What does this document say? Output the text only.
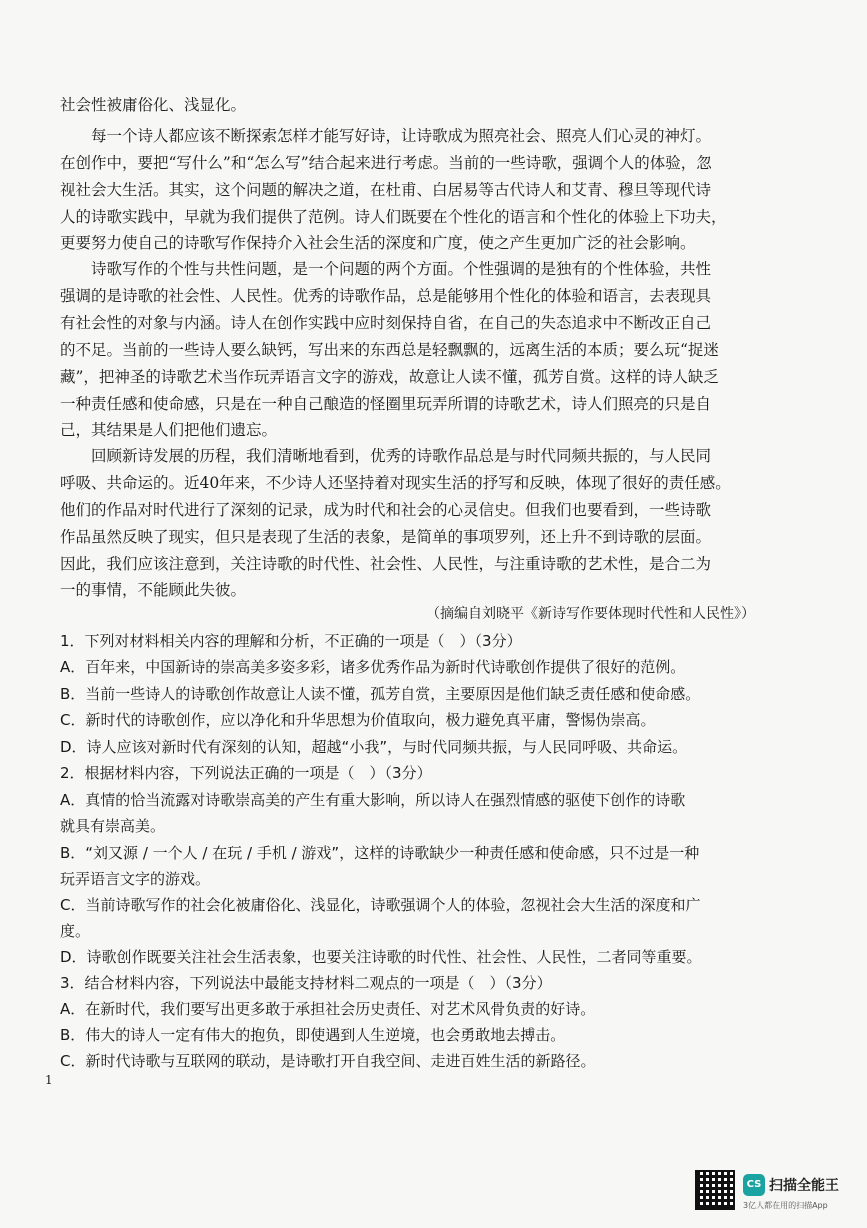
社会性被庸俗化、浅显化。
每一个诗人都应该不断探索怎样才能写好诗，让诗歌成为照亮社会、照亮人们心灵的神灯。
在创作中，要把“写什么”和“怎么写”结合起来进行考虑。当前的一些诗歌，强调个人的体验，忽
视社会大生活。其实，这个问题的解决之道，在杜甫、白居易等古代诗人和艾青、穆旦等现代诗
人的诗歌实践中，早就为我们提供了范例。诗人们既要在个性化的语言和个性化的体验上下功夫，
更要努力使自己的诗歌写作保持介入社会生活的深度和广度，使之产生更加广泛的社会影响。
诗歌写作的个性与共性问题，是一个问题的两个方面。个性强调的是独有的个性体验，共性
强调的是诗歌的社会性、人民性。优秀的诗歌作品，总是能够用个性化的体验和语言，去表现具
有社会性的对象与内涵。诗人在创作实践中应时刻保持自省，在自己的失态追求中不断改正自己
的不足。当前的一些诗人要么缺钙，写出来的东西总是轻飘飘的，远离生活的本质；要么玩“捉迷
藏”，把神圣的诗歌艺术当作玩弄语言文字的游戏，故意让人读不懂，孤芳自赏。这样的诗人缺乏
一种责任感和使命感，只是在一种自己酿造的怪圈里玩弄所谓的诗歌艺术，诗人们照亮的只是自
己，其结果是人们把他们遗忘。
回顾新诗发展的历程，我们清晰地看到，优秀的诗歌作品总是与时代同频共振的，与人民同
呼吸、共命运的。近40年来，不少诗人还坚持着对现实生活的抒写和反映，体现了很好的责任感。
他们的作品对时代进行了深刻的记录，成为时代和社会的心灵信史。但我们也要看到，一些诗歌
作品虽然反映了现实，但只是表现了生活的表象，是简单的事项罗列，还上升不到诗歌的层面。
因此，我们应该注意到，关注诗歌的时代性、社会性、人民性，与注重诗歌的艺术性，是合二为
一的事情，不能顾此失彼。
（摘编自刘晓平《新诗写作要体现时代性和人民性》）
1．下列对材料相关内容的理解和分析，不正确的一项是（　）（3分）
A．百年来，中国新诗的崇高美多姿多彩，诸多优秀作品为新时代诗歌创作提供了很好的范例。
B．当前一些诗人的诗歌创作故意让人读不懂，孤芳自赏，主要原因是他们缺乏责任感和使命感。
C．新时代的诗歌创作，应以净化和升华思想为价值取向，极力避免真平庸，警惕伪崇高。
D．诗人应该对新时代有深刻的认知，超越“小我”，与时代同频共振，与人民同呼吸、共命运。
2．根据材料内容，下列说法正确的一项是（　）（3分）
A．真情的恰当流露对诗歌崇高美的产生有重大影响，所以诗人在强烈情感的驱使下创作的诗歌
就具有崇高美。
B．“刘又源 / 一个人 / 在玩 / 手机 / 游戏”，这样的诗歌缺少一种责任感和使命感，只不过是一种
玩弄语言文字的游戏。
C．当前诗歌写作的社会化被庸俗化、浅显化，诗歌强调个人的体验，忽视社会大生活的深度和广
度。
D．诗歌创作既要关注社会生活表象，也要关注诗歌的时代性、社会性、人民性，二者同等重要。
3．结合材料内容，下列说法中最能支持材料二观点的一项是（　）（3分）
A．在新时代，我们要写出更多敢于承担社会历史责任、对艺术风骨负责的好诗。
B．伟大的诗人一定有伟大的抱负，即使遇到人生逆境，也会勇敢地去搏击。
C．新时代诗歌与互联网的联动，是诗歌打开自我空间、走进百姓生活的新路径。
1
CS 扫描全能王
3亿人都在用的扫描App
